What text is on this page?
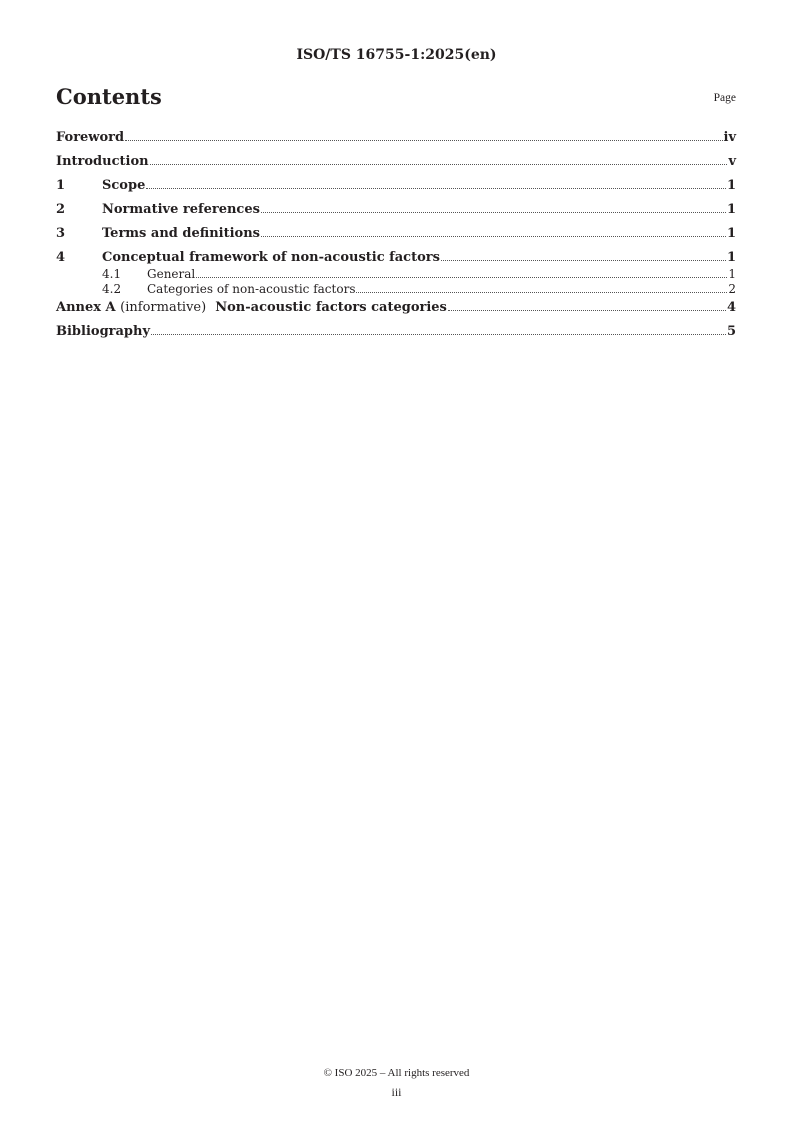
ISO/TS 16755-1:2025(en)
Contents	Page
Foreword	iv
Introduction	v
1	Scope	1
2	Normative references	1
3	Terms and definitions	1
4	Conceptual framework of non-acoustic factors	1
4.1	General	1
4.2	Categories of non-acoustic factors	2
Annex A (informative) Non-acoustic factors categories	4
Bibliography	5
© ISO 2025 – All rights reserved
iii
